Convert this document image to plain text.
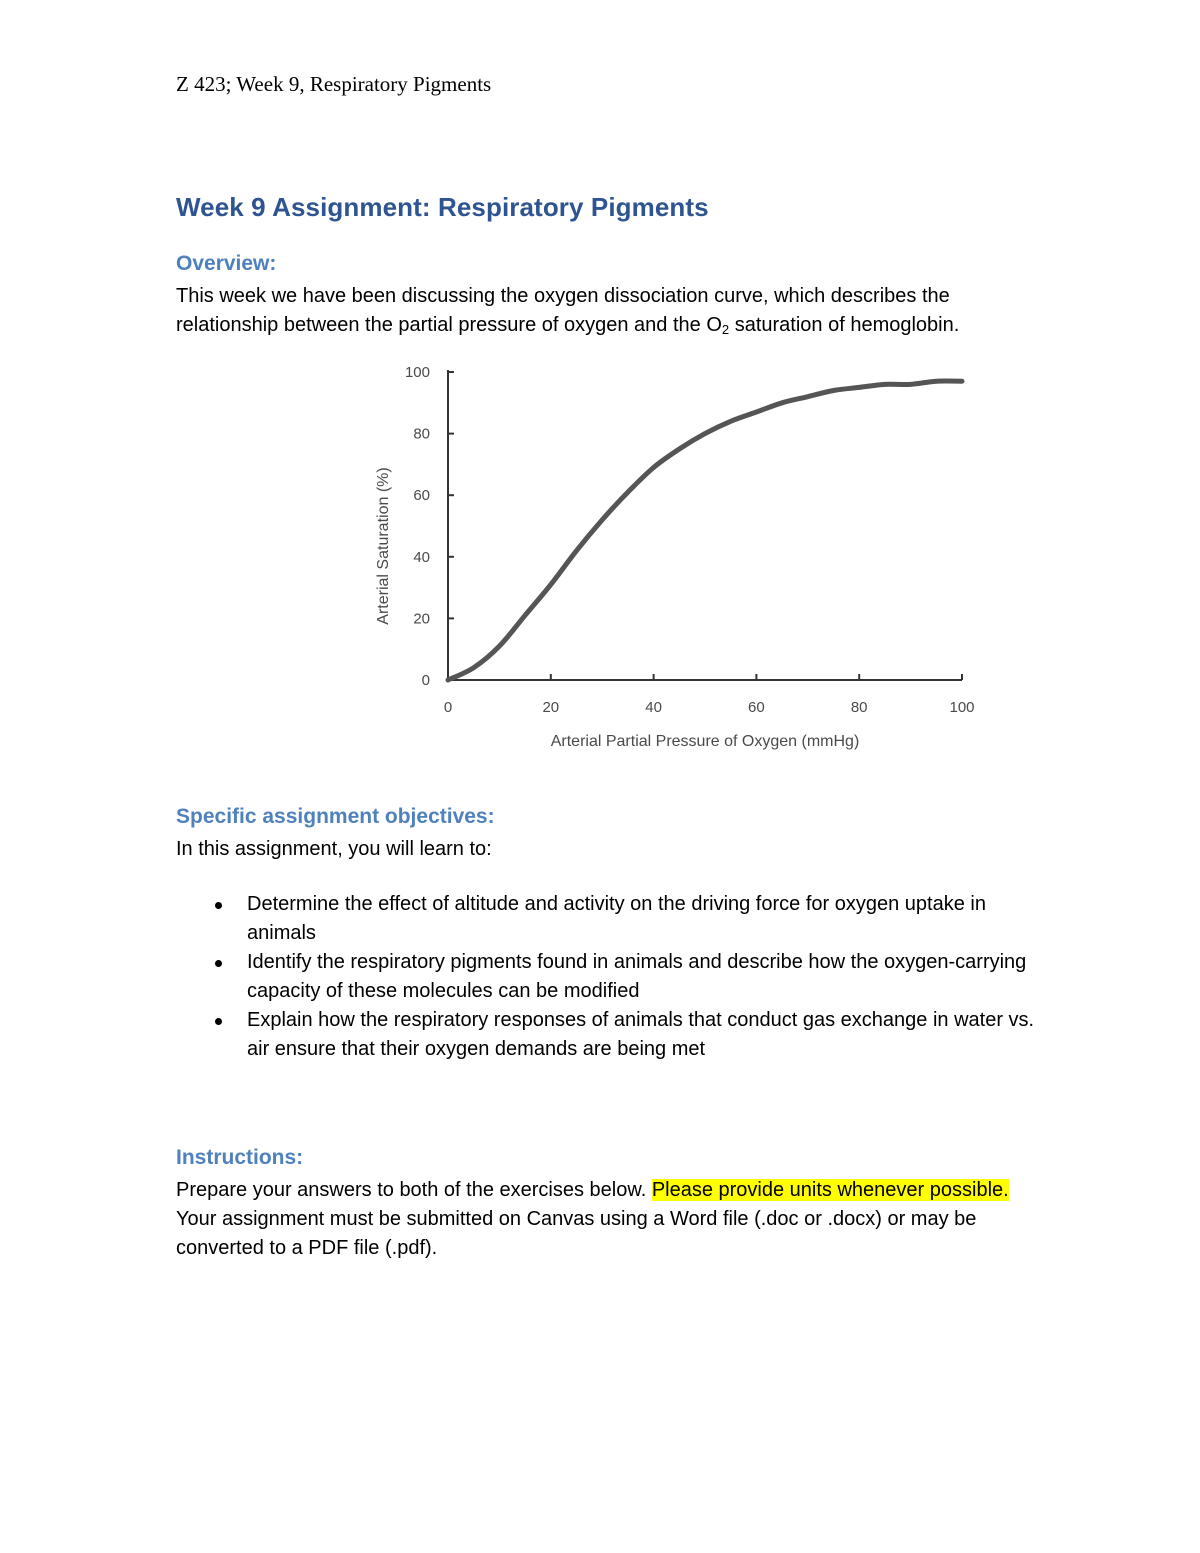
Z 423; Week 9, Respiratory Pigments
Week 9 Assignment: Respiratory Pigments
Overview:

This week we have been discussing the oxygen dissociation curve, which describes the relationship between the partial pressure of oxygen and the $O_2$ saturation of hemoglobin.

0	20	40	60	80	100
0
20
40
60
80
100
Arterial Partial Pressure of Oxygen (mmHg)
Arterial Saturation (%)
Specific assignment objectives:

In this assignment, you will learn to:

Determine the effect of altitude and activity on the driving force for oxygen uptake in animals
Identify the respiratory pigments found in animals and describe how the oxygen-carrying capacity of these molecules can be modified
Explain how the respiratory responses of animals that conduct gas exchange in water vs. air ensure that their oxygen demands are being met
Instructions:

Prepare your answers to both of the exercises below. Please provide units whenever possible. Your assignment must be submitted on Canvas using a Word file (.doc or .docx) or may be converted to a PDF file (.pdf).
